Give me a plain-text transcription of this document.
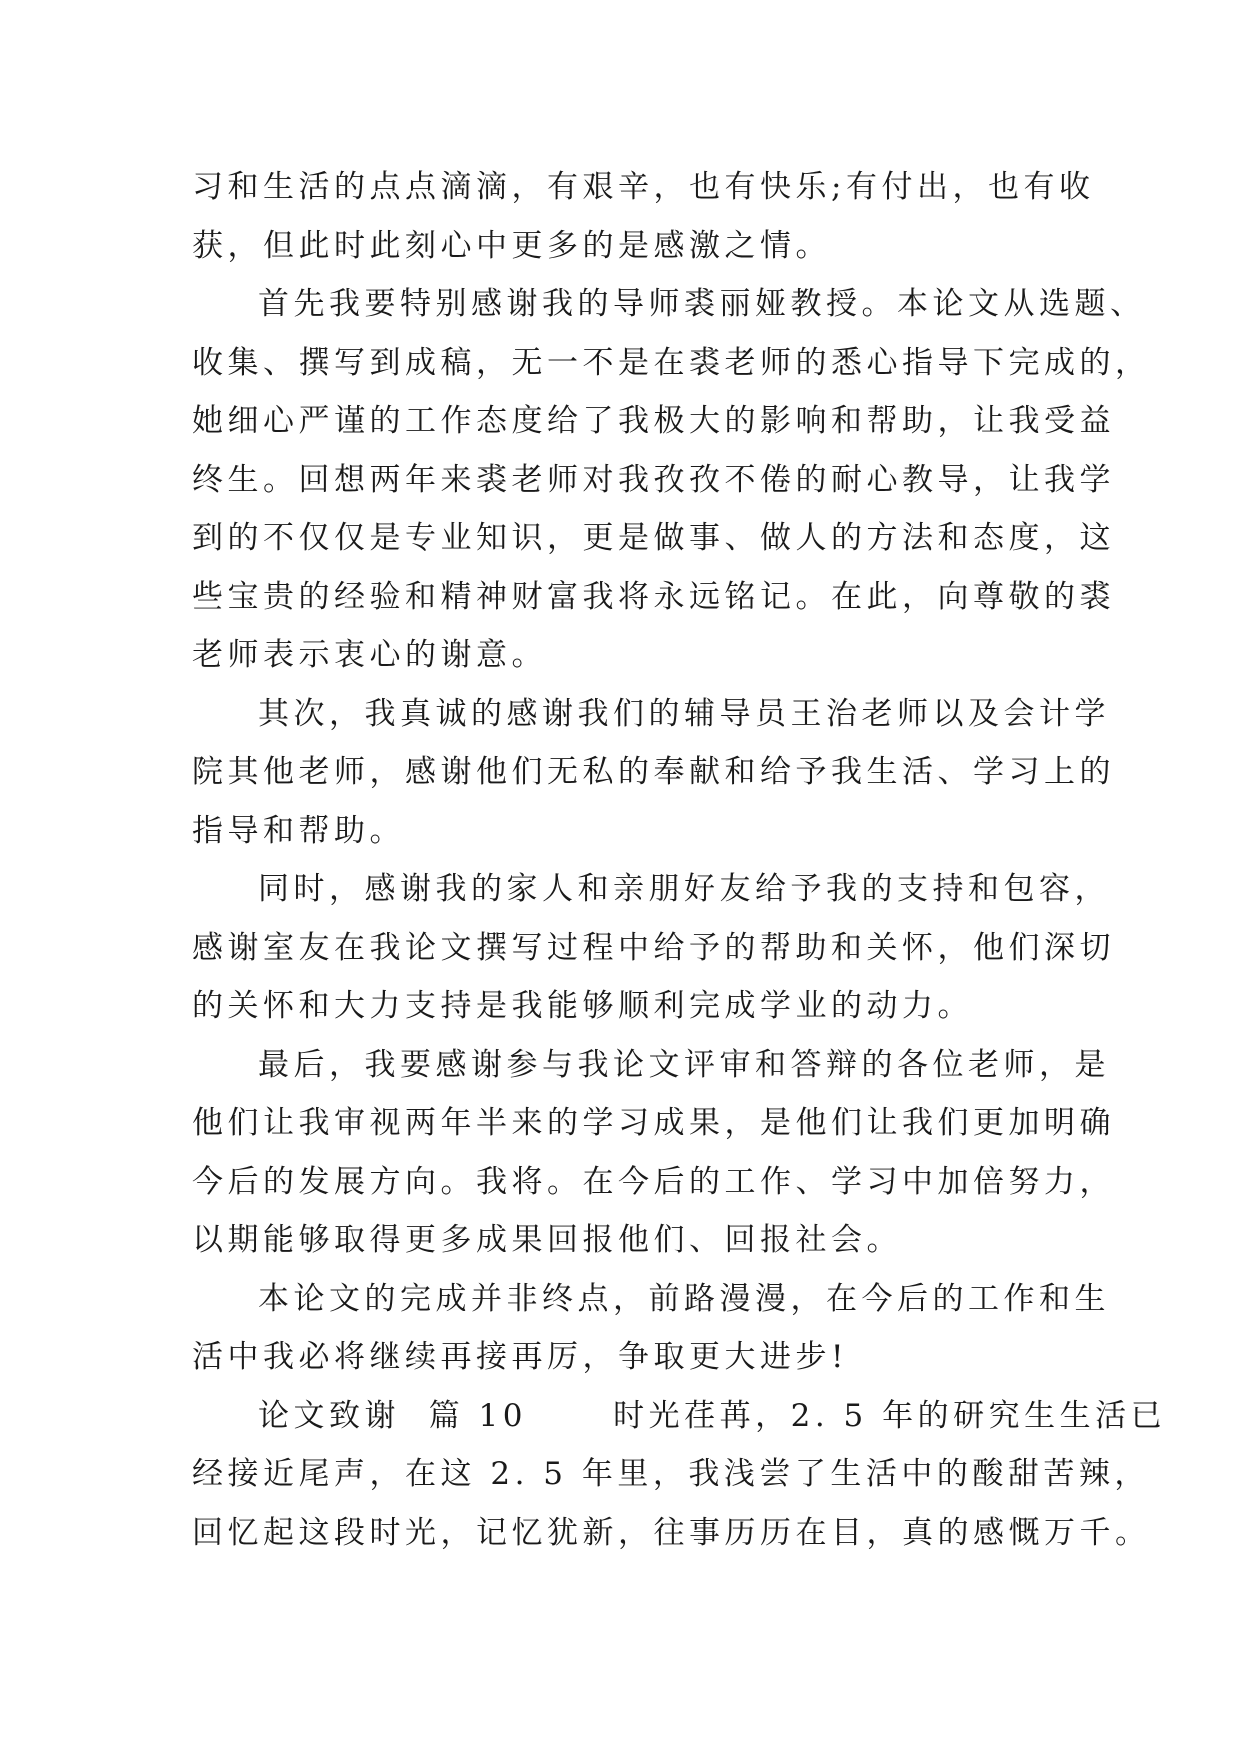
习和生活的点点滴滴，有艰辛，也有快乐;有付出，也有收
获，但此时此刻心中更多的是感激之情。
首先我要特别感谢我的导师裘丽娅教授。本论文从选题、
收集、撰写到成稿，无一不是在裘老师的悉心指导下完成的，
她细心严谨的工作态度给了我极大的影响和帮助，让我受益
终生。回想两年来裘老师对我孜孜不倦的耐心教导，让我学
到的不仅仅是专业知识，更是做事、做人的方法和态度，这
些宝贵的经验和精神财富我将永远铭记。在此，向尊敬的裘
老师表示衷心的谢意。
其次，我真诚的感谢我们的辅导员王治老师以及会计学
院其他老师，感谢他们无私的奉献和给予我生活、学习上的
指导和帮助。
同时，感谢我的家人和亲朋好友给予我的支持和包容，
感谢室友在我论文撰写过程中给予的帮助和关怀，他们深切
的关怀和大力支持是我能够顺利完成学业的动力。
最后，我要感谢参与我论文评审和答辩的各位老师，是
他们让我审视两年半来的学习成果，是他们让我们更加明确
今后的发展方向。我将。在今后的工作、学习中加倍努力，
以期能够取得更多成果回报他们、回报社会。
本论文的完成并非终点，前路漫漫，在今后的工作和生
活中我必将继续再接再厉，争取更大进步!
论文致谢  篇 10      时光荏苒，2. 5 年的研究生生活已
经接近尾声，在这 2. 5 年里，我浅尝了生活中的酸甜苦辣，
回忆起这段时光，记忆犹新，往事历历在目，真的感慨万千。
